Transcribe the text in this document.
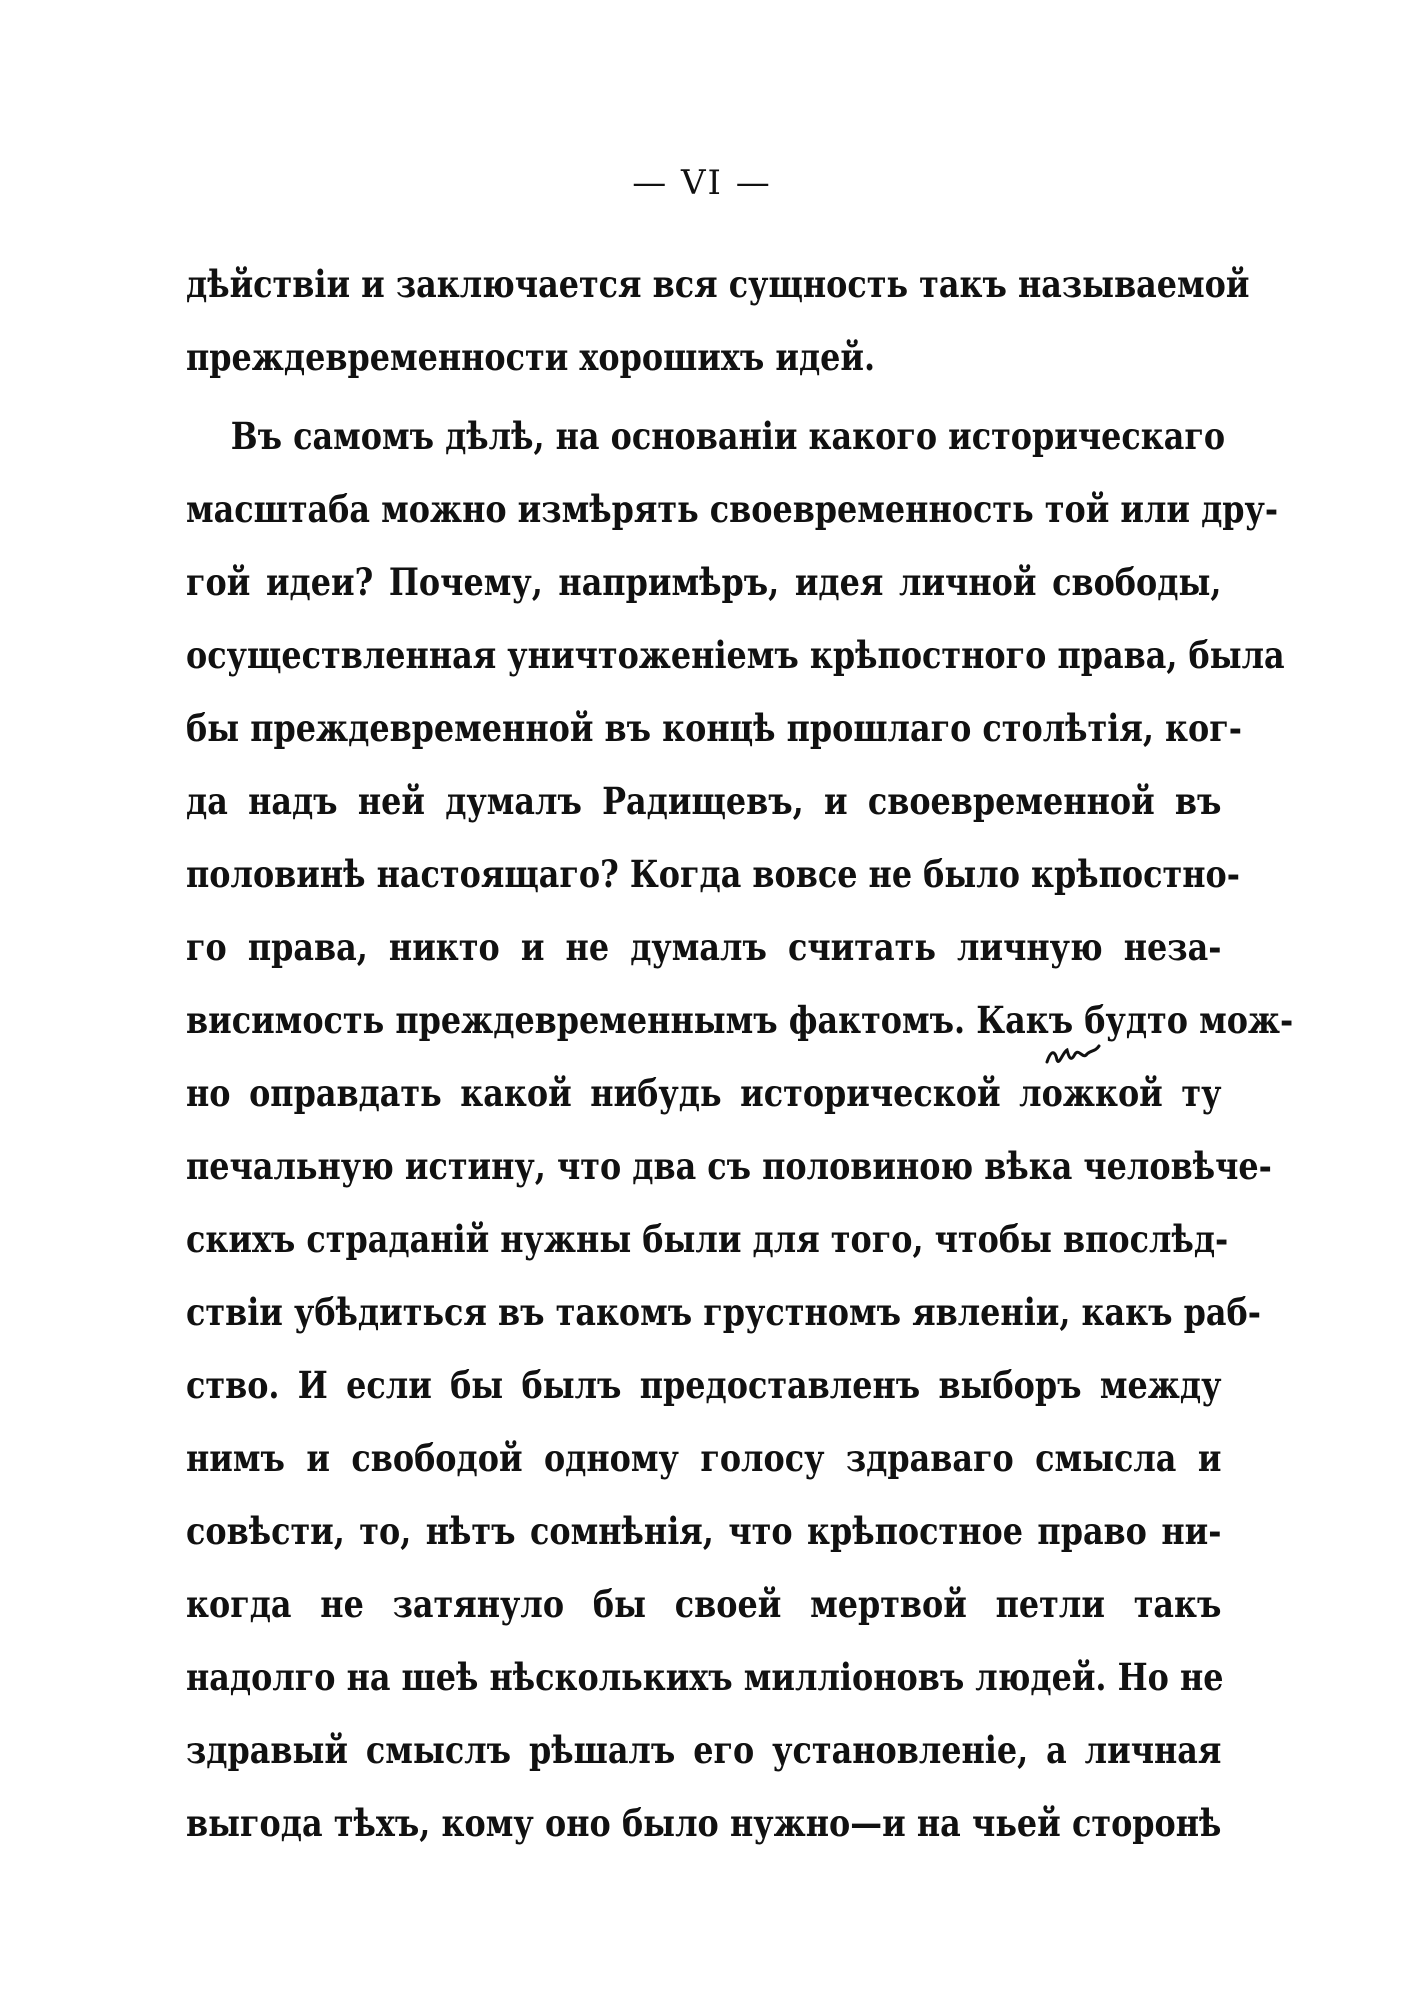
— VI —
дѣйствіи и заключается вся сущность такъ называемой
преждевременности хорошихъ идей.
Въ самомъ дѣлѣ, на основаніи какого историческаго
масштаба можно измѣрять своевременность той или дру-
гой идеи? Почему, напримѣръ, идея личной свободы,
осуществленная уничтоженіемъ крѣпостного права, былa
бы преждевременной въ концѣ прошлаго столѣтія, ког-
да надъ ней думалъ Радищевъ, и своевременной въ
половинѣ настоящаго? Когда вовсе не было крѣпостно-
го права, никто и не думалъ считать личную неза-
висимость преждевременнымъ фактомъ. Какъ будто мож-
но оправдать какой нибудь исторической ложкой ту
печальную истину, что два съ половиною вѣка человѣче-
скихъ страданій нужны были для того, чтобы впослѣд-
ствіи убѣдиться въ такомъ грустномъ явленіи, какъ раб-
ство. И если бы былъ предоставленъ выборъ между
нимъ и свободой одному голосу здраваго смысла и
совѣсти, то, нѣтъ сомнѣнія, что крѣпостное право ни-
когда не затянуло бы своей мертвой петли такъ
надолго на шеѣ нѣсколькихъ милліоновъ людей. Но не
здравый смыслъ рѣшалъ его установленіе, а личная
выгода тѣхъ, кому оно было нужно—и на чьей сторонѣ
